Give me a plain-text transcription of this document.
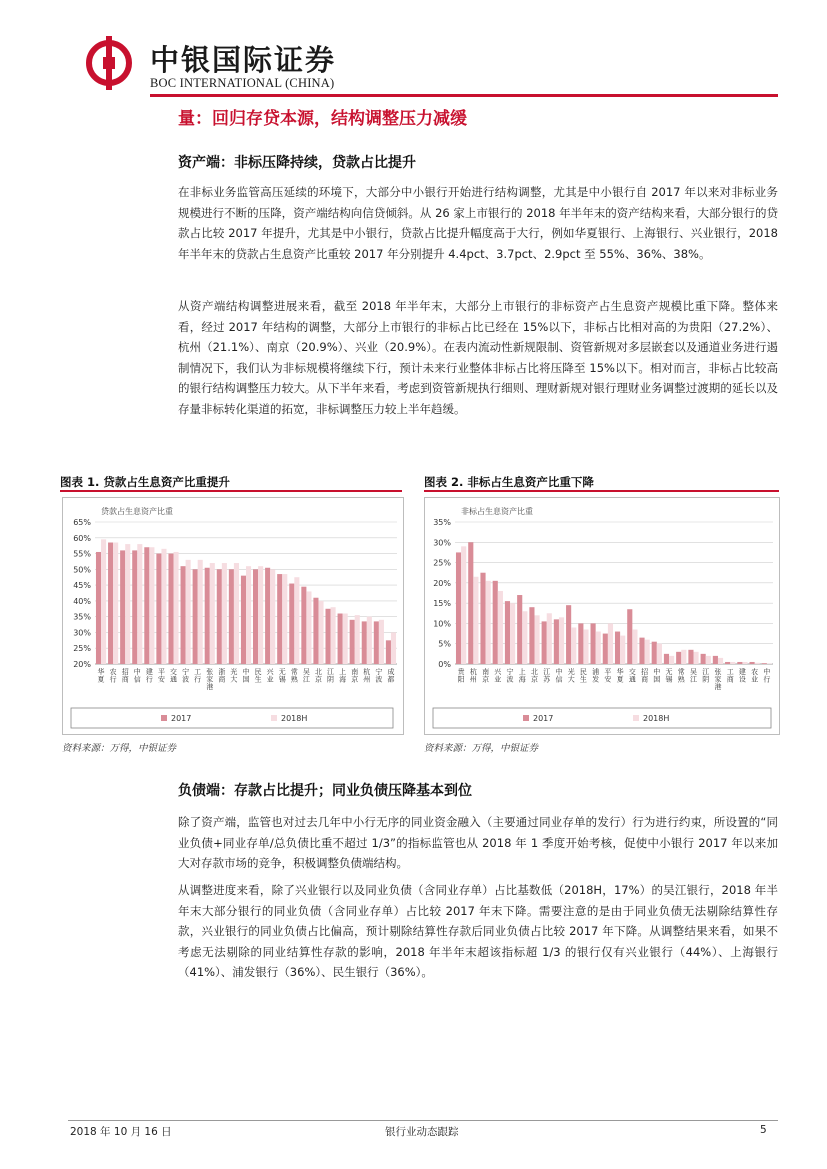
中银国际证券
BOC INTERNATIONAL (CHINA)
量：回归存贷本源，结构调整压力减缓
资产端：非标压降持续，贷款占比提升
在非标业务监管高压延续的环境下，大部分中小银行开始进行结构调整，尤其是中小银行自 2017 年以来对非标业务规模进行不断的压降，资产端结构向信贷倾斜。从 26 家上市银行的 2018 年半年末的资产结构来看，大部分银行的贷款占比较 2017 年提升，尤其是中小银行，贷款占比提升幅度高于大行，例如华夏银行、上海银行、兴业银行，2018 年半年末的贷款占生息资产比重较 2017 年分别提升 4.4pct、3.7pct、2.9pct 至 55%、36%、38%。
从资产端结构调整进展来看，截至 2018 年半年末，大部分上市银行的非标资产占生息资产规模比重下降。整体来看，经过 2017 年结构的调整，大部分上市银行的非标占比已经在 15%以下，非标占比相对高的为贵阳（27.2%）、杭州（21.1%）、南京（20.9%）、兴业（20.9%）。在表内流动性新规限制、资管新规对多层嵌套以及通道业务进行遏制情况下，我们认为非标规模将继续下行，预计未来行业整体非标占比将压降至 15%以下。相对而言，非标占比较高的银行结构调整压力较大。从下半年来看，考虑到资管新规执行细则、理财新规对银行理财业务调整过渡期的延长以及存量非标转化渠道的拓宽，非标调整压力较上半年趋缓。
图表 1. 贷款占生息资产比重提升
贷款占生息资产比重
65%
60%
55%
50%
45%
40%
35%
30%
25%
20%
华夏
农行
招商
中信
建行
平安
交通
宁波
工行
张家港
浙商
光大
中国
民生
兴业
无锡
常熟
吴江
北京
江阴
上海
南京
杭州
宁波
成都
2017	2018H
资料来源：万得，中银证券
图表 2. 非标占生息资产比重下降
非标占生息资产比重
35%
30%
25%
20%
15%
10%
5%
0%
贵阳
杭州
南京
兴业
宁波
上海
北京
江苏
中信
光大
民生
浦发
平安
华夏
交通
招商
中国
无锡
常熟
吴江
江阴
张家港
工商
建设
农业
中行
2017	2018H
资料来源：万得，中银证券
负债端：存款占比提升；同业负债压降基本到位
除了资产端，监管也对过去几年中小行无序的同业资金融入（主要通过同业存单的发行）行为进行约束，所设置的“同业负债+同业存单/总负债比重不超过 1/3”的指标监管也从 2018 年 1 季度开始考核，促使中小银行 2017 年以来加大对存款市场的竞争，积极调整负债端结构。
从调整进度来看，除了兴业银行以及同业负债（含同业存单）占比基数低（2018H，17%）的吴江银行，2018 年半年末大部分银行的同业负债（含同业存单）占比较 2017 年末下降。需要注意的是由于同业负债无法剔除结算性存款，兴业银行的同业负债占比偏高，预计剔除结算性存款后同业负债占比较 2017 年下降。从调整结果来看，如果不考虑无法剔除的同业结算性存款的影响，2018 年半年末超该指标超 1/3 的银行仅有兴业银行（44%）、上海银行（41%）、浦发银行（36%）、民生银行（36%）。
2018 年 10 月 16 日	银行业动态跟踪	5
